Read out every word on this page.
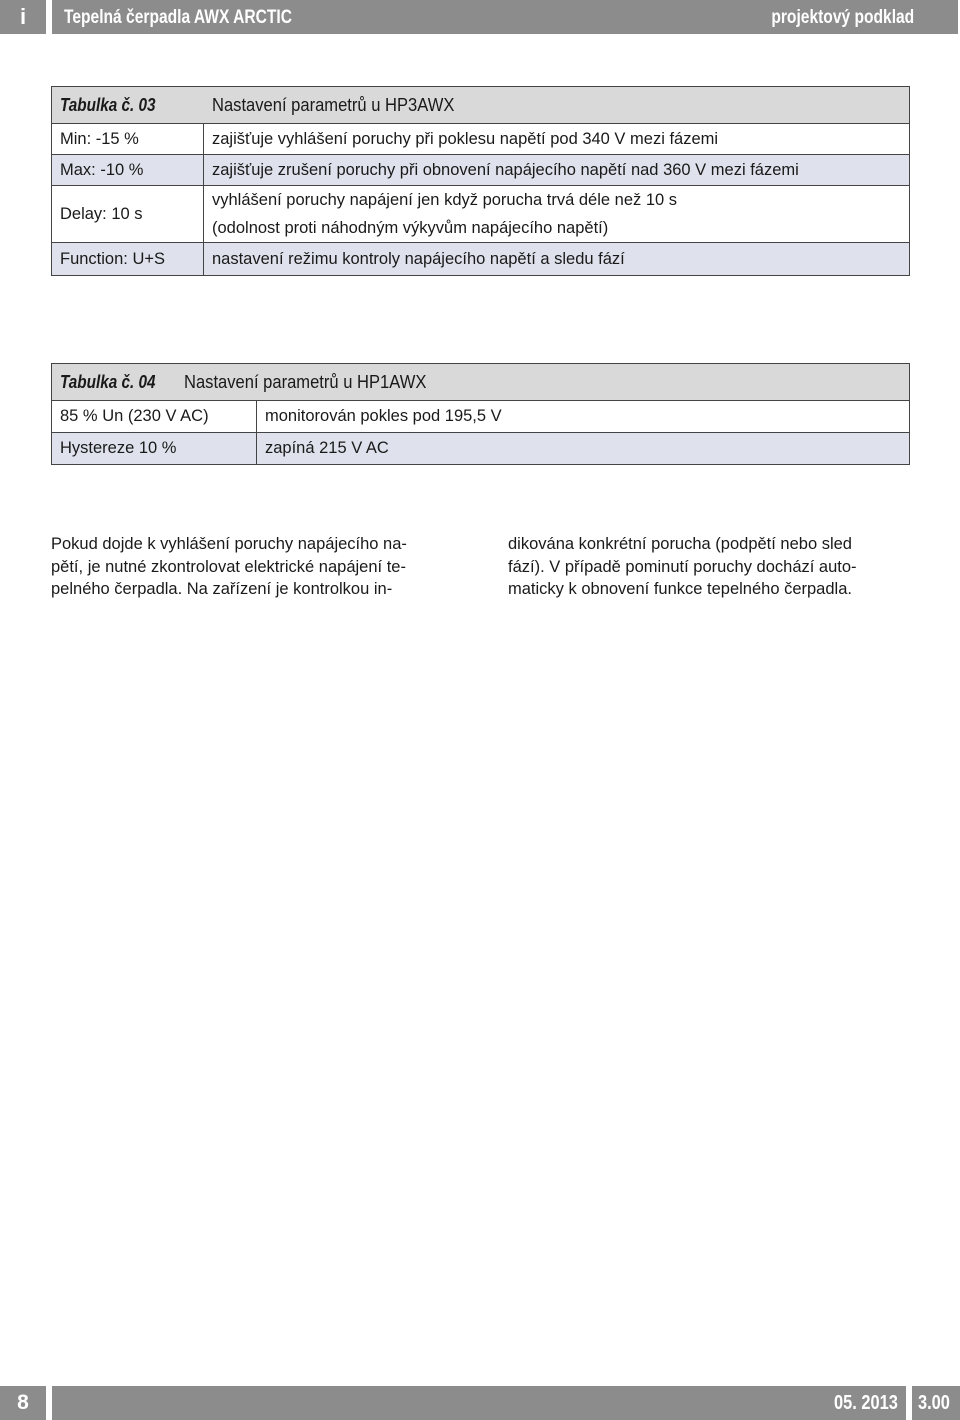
i	Tepelná čerpadla AWX ARCTIC	projektový podklad
Tabulka č. 03	Nastavení parametrů u HP3AWX
Min: -15 %	zajišťuje vyhlášení poruchy při poklesu napětí pod 340 V mezi fázemi
Max: -10 %	zajišťuje zrušení poruchy při obnovení napájecího napětí nad 360 V mezi fázemi
Delay: 10 s	vyhlášení poruchy napájení jen když porucha trvá déle než 10 s
(odolnost proti náhodným výkyvům napájecího napětí)

Function: U+S	nastavení režimu kontroly napájecího napětí a sledu fází
Tabulka č. 04 Nastavení parametrů u HP1AWX	
85 % Un (230 V AC)	monitorován pokles pod 195,5 V
Hystereze 10 %	zapíná 215 V AC

Pokud dojde k vyhlášení poruchy napájecího na-

pětí, je nutné zkontrolovat elektrické napájení te-

pelného čerpadla. Na zařízení je kontrolkou in-

dikována konkrétní porucha (podpětí nebo sled

fází). V případě pominutí poruchy dochází auto-

maticky k obnovení funkce tepelného čerpadla.

8	05. 2013 3.00
